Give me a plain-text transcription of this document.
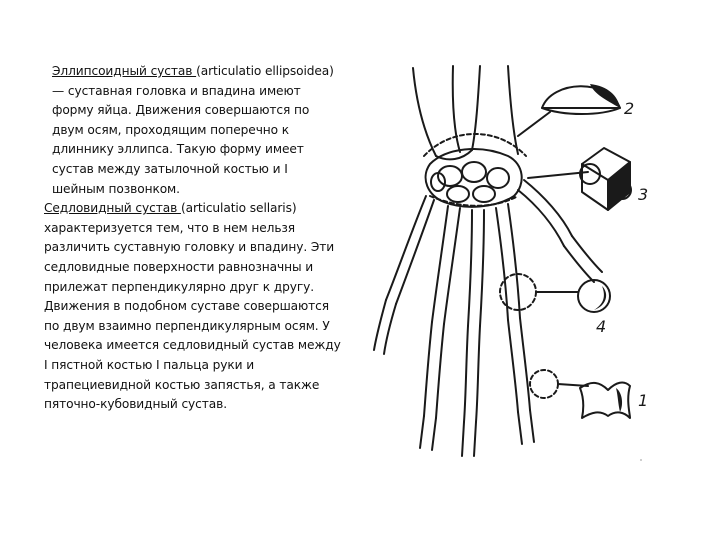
Эллипсоидный сустав (articulatio ellipsoidea) — суставная головка и впадина имеют форму яйца. Движения совершаются по двум осям, проходящим поперечно к длиннику эллипса. Такую форму имеет сустав между затылочной костью и I шейным позвонком.

Седловидный сустав (articulatio sellaris) характеризуется тем, что в нем нельзя различить суставную головку и впадину. Эти седловидные поверхности равнозначны и прилежат перпендикулярно друг к другу. Движения в подобном суставе совершаются по двум взаимно перпендикулярным осям. У человека имеется седловидный сустав между I пястной костью I пальца руки и трапециевидной костью запястья, а также пяточно-кубовидный сустав.

2
3
4
1
